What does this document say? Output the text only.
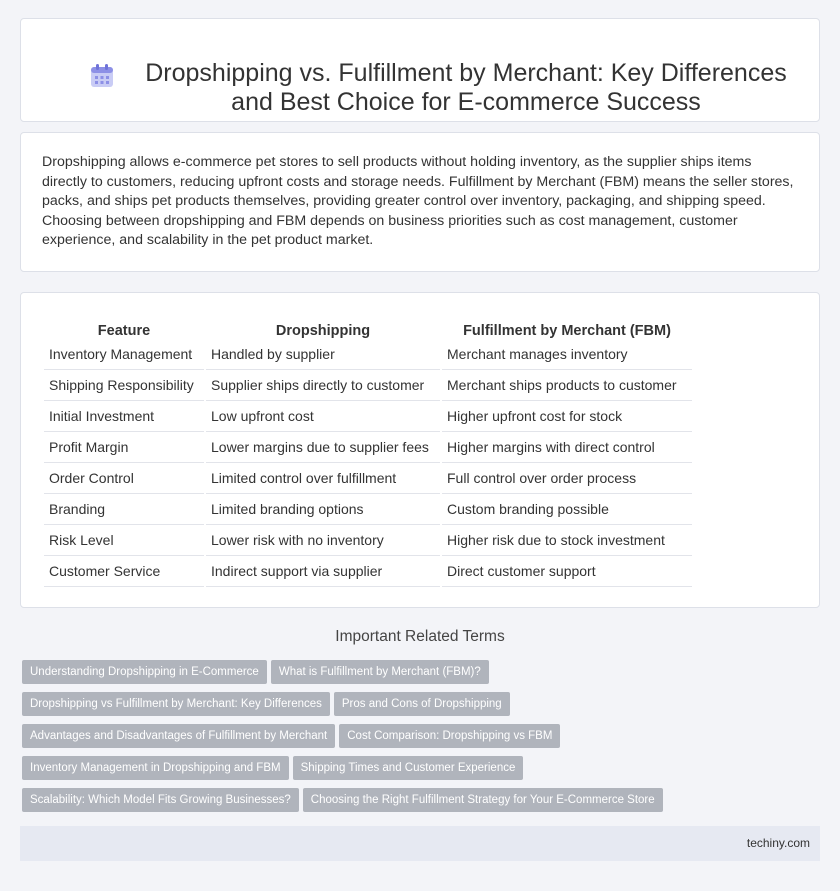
Dropshipping vs. Fulfillment by Merchant: Key Differences and Best Choice for E-commerce Success

Dropshipping allows e-commerce pet stores to sell products without holding inventory, as the supplier ships items directly to customers, reducing upfront costs and storage needs. Fulfillment by Merchant (FBM) means the seller stores, packs, and ships pet products themselves, providing greater control over inventory, packaging, and shipping speed. Choosing between dropshipping and FBM depends on business priorities such as cost management, customer experience, and scalability in the pet product market.

Feature	Dropshipping	Fulfillment by Merchant (FBM)
Inventory Management	Handled by supplier	Merchant manages inventory
Shipping Responsibility	Supplier ships directly to customer	Merchant ships products to customer
Initial Investment	Low upfront cost	Higher upfront cost for stock
Profit Margin	Lower margins due to supplier fees	Higher margins with direct control
Order Control	Limited control over fulfillment	Full control over order process
Branding	Limited branding options	Custom branding possible
Risk Level	Lower risk with no inventory	Higher risk due to stock investment
Customer Service	Indirect support via supplier	Direct customer support
Important Related Terms
Understanding Dropshipping in E-Commerce What is Fulfillment by Merchant (FBM)?
Dropshipping vs Fulfillment by Merchant: Key Differences Pros and Cons of Dropshipping
Advantages and Disadvantages of Fulfillment by Merchant Cost Comparison: Dropshipping vs FBM
Inventory Management in Dropshipping and FBM Shipping Times and Customer Experience
Scalability: Which Model Fits Growing Businesses? Choosing the Right Fulfillment Strategy for Your E-Commerce Store
techiny.com
